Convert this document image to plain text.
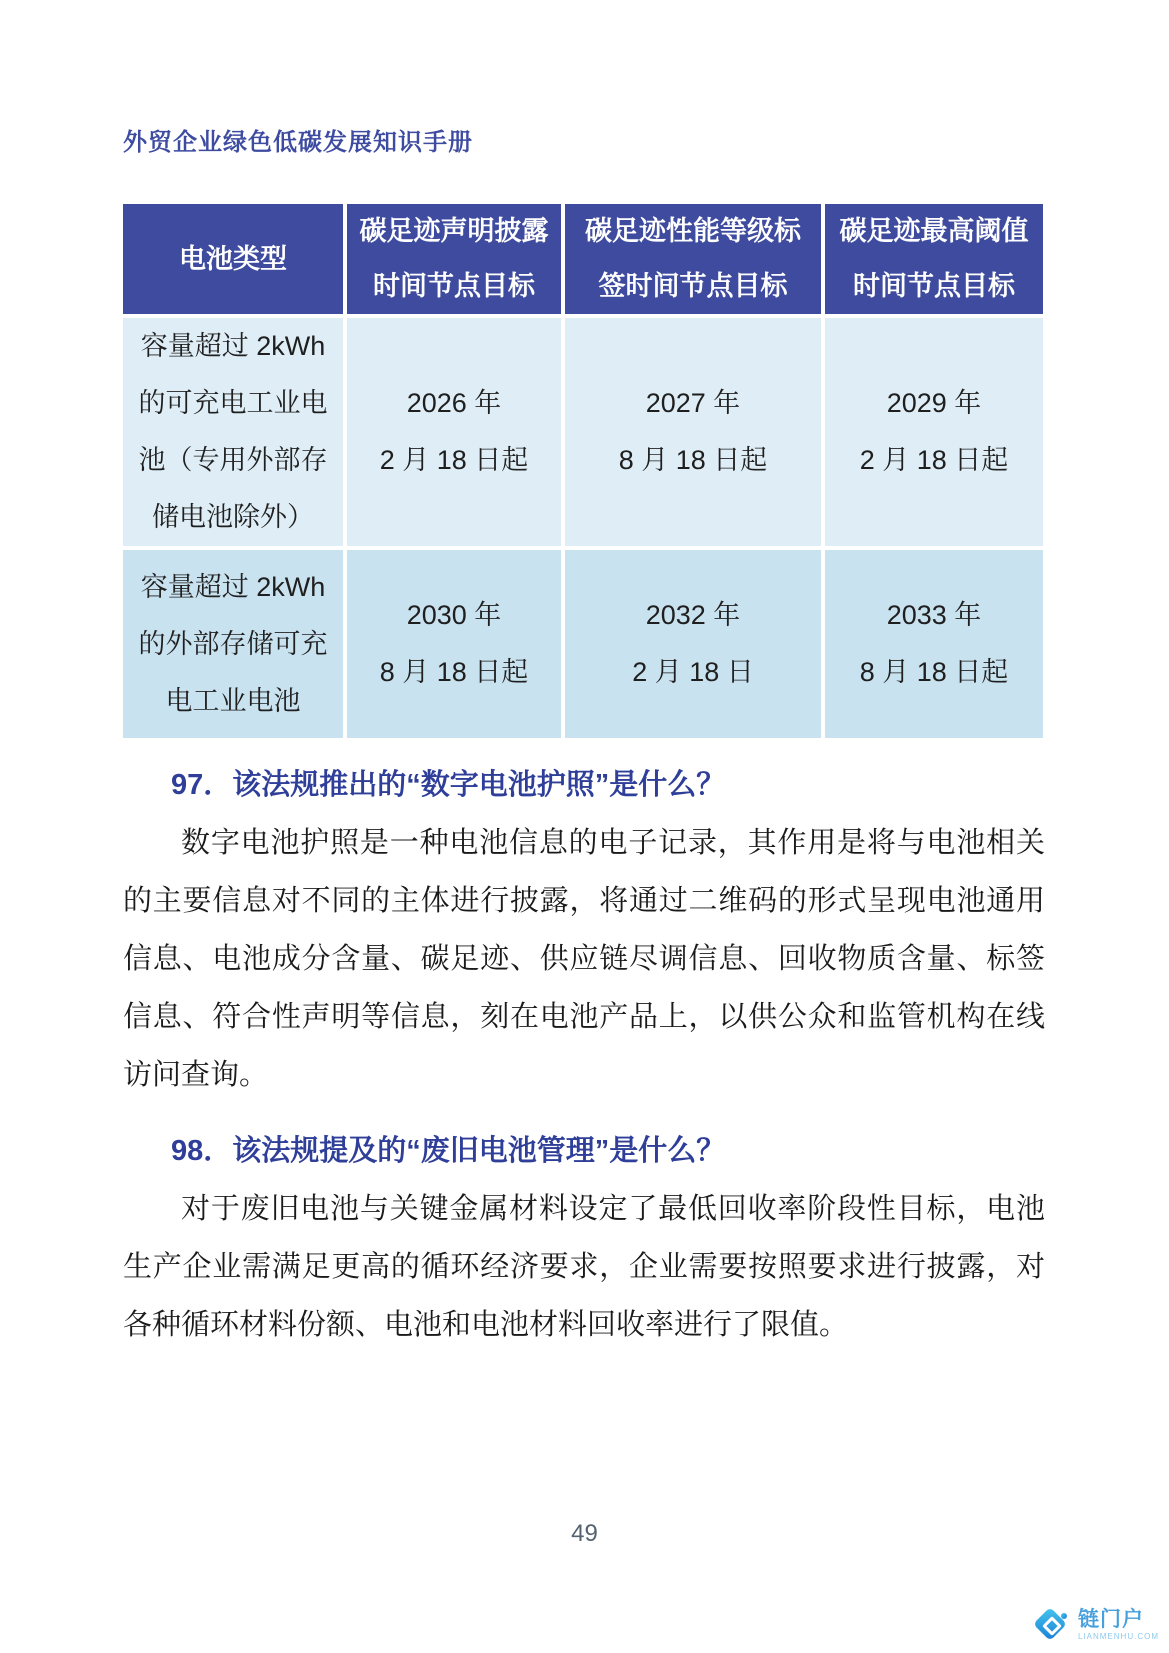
外贸企业绿色低碳发展知识手册
电池类型
碳足迹声明披露
时间节点目标
碳足迹性能等级标
签时间节点目标
碳足迹最高阈值
时间节点目标
容量超过 2kWh
的可充电工业电
池（专用外部存
储电池除外）
2026 年
2 月 18 日起
2027 年
8 月 18 日起
2029 年
2 月 18 日起
容量超过 2kWh
的外部存储可充
电工业电池
2030 年
8 月 18 日起
2032 年
2 月 18 日
2033 年
8 月 18 日起
97．该法规推出的“数字电池护照”是什么？
数字电池护照是一种电池信息的电子记录，其作用是将与电池相关的主要信息对不同的主体进行披露，将通过二维码的形式呈现电池通用信息、电池成分含量、碳足迹、供应链尽调信息、回收物质含量、标签信息、符合性声明等信息，刻在电池产品上，以供公众和监管机构在线访问查询。
98．该法规提及的“废旧电池管理”是什么？
对于废旧电池与关键金属材料设定了最低回收率阶段性目标，电池生产企业需满足更高的循环经济要求，企业需要按照要求进行披露，对各种循环材料份额、电池和电池材料回收率进行了限值。
49
链门户
LIANMENHU.COM
